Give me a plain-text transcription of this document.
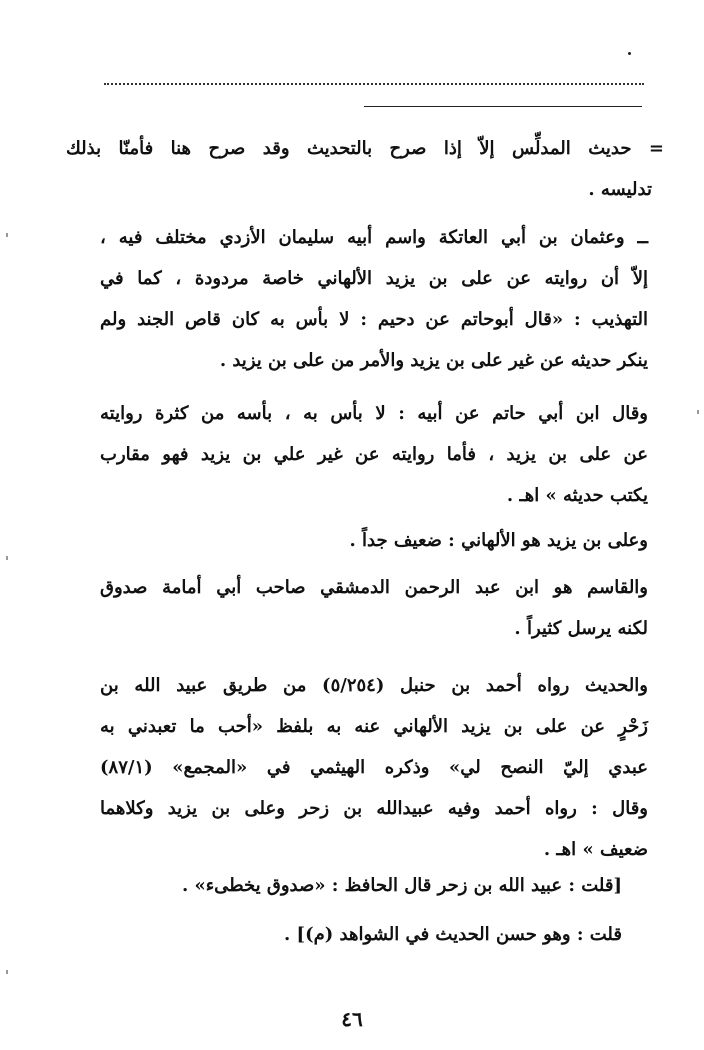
= حديث المدلِّس إلاّ إذا صرح بالتحديث وقد صرح هنا فأمنّا بذلك
تدليسه .
ــ وعثمان بن أبي العاتكة واسم أبيه سليمان الأزدي مختلف فيه ،
إلاّ أن روايته عن على بن يزيد الألهاني خاصة مردودة ، كما في
التهذيب : «قال أبوحاتم عن دحيم : لا بأس به كان قاص الجند ولم
ينكر حديثه عن غير على بن يزيد والأمر من على بن يزيد .
وقال ابن أبي حاتم عن أبيه : لا بأس به ، بأسه من كثرة روايته
عن على بن يزيد ، فأما روايته عن غير علي بن يزيد فهو مقارب
يكتب حديثه » اهـ .
وعلى بن يزيد هو الألهاني : ضعيف جداً .
والقاسم هو ابن عبد الرحمن الدمشقي صاحب أبي أمامة صدوق
لكنه يرسل كثيراً .
والحديث رواه أحمد بن حنبل (٥/٢٥٤) من طريق عبيد الله بن
زَحْرٍ عن على بن يزيد الألهاني عنه به بلفظ «أحب ما تعبدني به
عبدي إليّ النصح لي» وذكره الهيثمي في «المجمع» (٨٧/١)
وقال : رواه أحمد وفيه عبيدالله بن زحر وعلى بن يزيد وكلاهما
ضعيف » اهـ .
[قلت : عبيد الله بن زحر قال الحافظ : «صدوق يخطىء» .
قلت : وهو حسن الحديث في الشواهد (م)] .
٤٦
